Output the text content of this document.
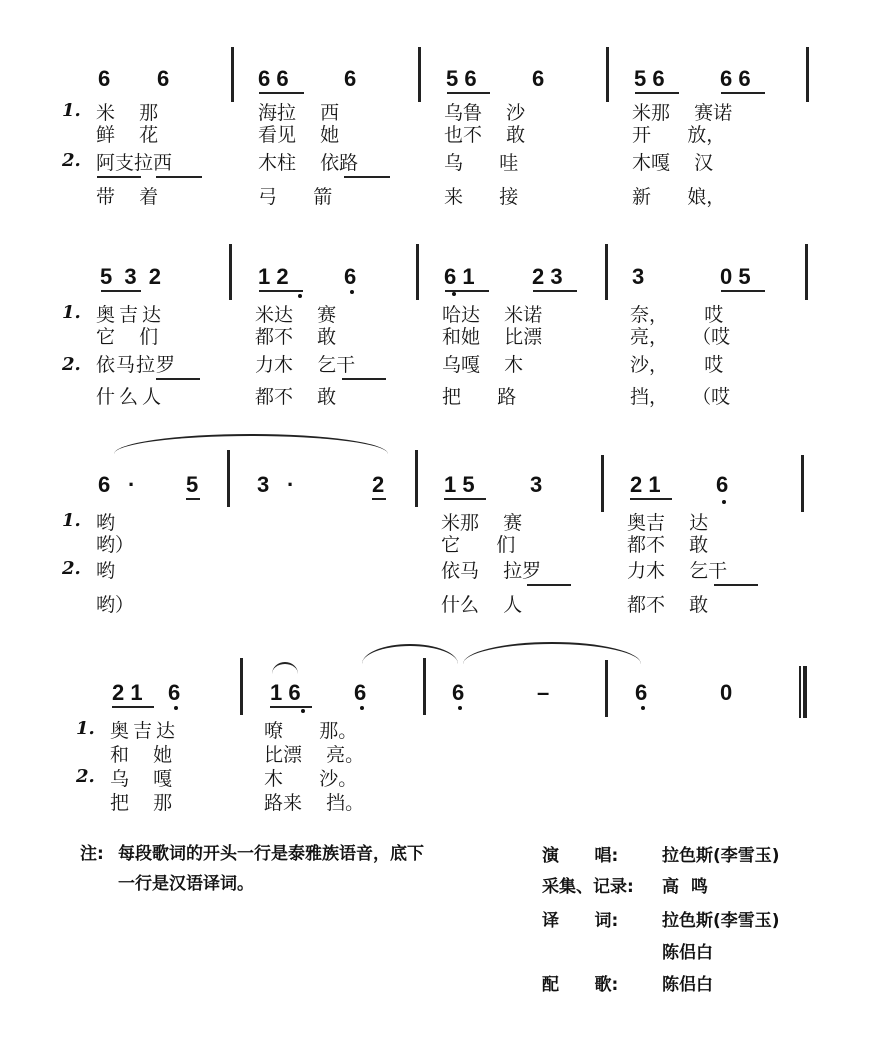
6 6	6 6	6	5 6	6	5 6	6 6
1.
2.
米    那	海拉    西	乌鲁    沙	米那    赛诺
鲜    花	看见    她	也不    敢	开      放，
阿支拉西	木柱    依路	乌      哇	木嘎    汉
带    着	弓      箭	来      接	新      娘，
5 3 2	1 2	6	6 1	2 3	3	0 5
1.
2.
奥吉达	米达    赛	哈达    米诺	奈，      哎
它  们	都不    敢	和她    比漂	亮，    （哎
依马拉罗	力木    乞干	乌嘎    木	沙，      哎
什么人	都不    敢	把      路	挡，    （哎
6 · 5	3 ·	2	1 5	3	2 1	6
1.
2.
哟	米那    赛	奥吉    达
哟）	它      们	都不    敢
哟	依马    拉罗	力木    乞干
哟）	什么    人	都不    敢
2 1 6	1 6 6	6	–	6	0
1.
2.
奥吉达	嘹      那。
和  她	比漂    亮。
乌  嘎	木      沙。
把  那	路来    挡。
注: 每段歌词的开头一行是泰雅族语音，底下
一行是汉语译词。
演      唱:	拉色斯(李雪玉)
采集、记录: 高  鸣
译      词:	拉色斯(李雪玉)
陈侣白
配      歌:	陈侣白
